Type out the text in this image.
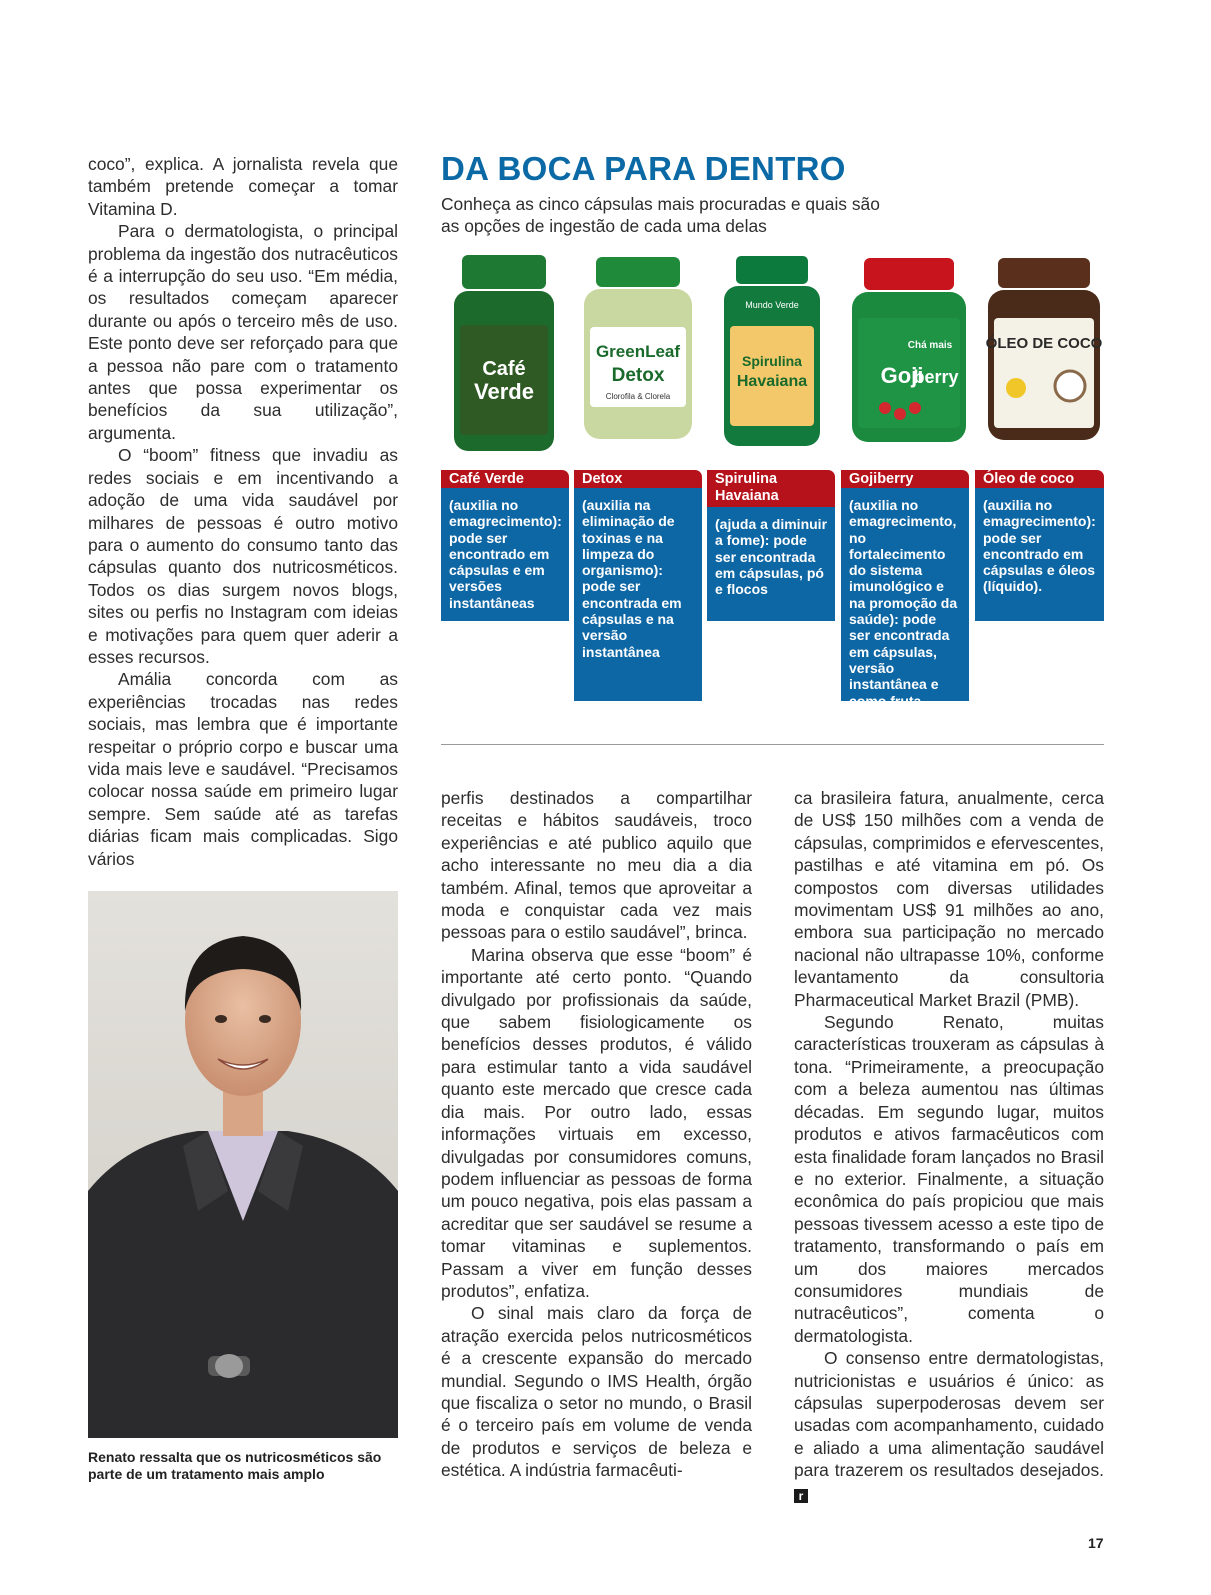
coco”, explica. A jornalista revela que também pretende começar a tomar Vitamina D.

Para o dermatologista, o principal problema da ingestão dos nutracêuticos é a interrupção do seu uso. “Em média, os resultados começam aparecer durante ou após o terceiro mês de uso. Este ponto deve ser reforçado para que a pessoa não pare com o tratamento antes que possa experimentar os benefícios da sua utilização”, argumenta.

O “boom” fitness que invadiu as redes sociais e em incentivando a adoção de uma vida saudável por milhares de pessoas é outro motivo para o aumento do consumo tanto das cápsulas quanto dos nutricosméticos. Todos os dias surgem novos blogs, sites ou perfis no Instagram com ideias e motivações para quem quer aderir a esses recursos.

Amália concorda com as experiências trocadas nas redes sociais, mas lembra que é importante respeitar o próprio corpo e buscar uma vida mais leve e saudável. “Precisamos colocar nossa saúde em primeiro lugar sempre. Sem saúde até as tarefas diárias ficam mais complicadas. Sigo vários

Renato ressalta que os nutricosméticos são parte de um tratamento mais amplo
DA BOCA PARA DENTRO
Conheça as cinco cápsulas mais procuradas e quais são as opções de ingestão de cada uma delas
Café
Verde
GreenLeaf
Detox
Clorofila & Clorela
Mundo Verde
Spirulina
Havaiana
Chá mais
Goji
berry
ÓLEO DE COCO
Café Verde
(auxilia no emagrecimento): pode ser encontrado em cápsulas e em versões instantâneas
Detox
(auxilia na eliminação de toxinas e na limpeza do organismo): pode ser encontrada em cápsulas e na versão instantânea
Spirulina Havaiana
(ajuda a diminuir a fome): pode ser encontrada em cápsulas, pó e flocos
Gojiberry
(auxilia no emagrecimento, no fortalecimento do sistema imunológico e na promoção da saúde): pode ser encontrada em cápsulas, versão instantânea e como fruta desidratada
Óleo de coco
(auxilia no emagrecimento): pode ser encontrado em cápsulas e óleos (líquido).

perfis destinados a compartilhar receitas e hábitos saudáveis, troco experiências e até publico aquilo que acho interessante no meu dia a dia também. Afinal, temos que aproveitar a moda e conquistar cada vez mais pessoas para o estilo saudável”, brinca.

Marina observa que esse “boom” é importante até certo ponto. “Quando divulgado por profissionais da saúde, que sabem fisiologicamente os benefícios desses produtos, é válido para estimular tanto a vida saudável quanto este mercado que cresce cada dia mais. Por outro lado, essas informações virtuais em excesso, divulgadas por consumidores comuns, podem influenciar as pessoas de forma um pouco negativa, pois elas passam a acreditar que ser saudável se resume a tomar vitaminas e suplementos. Passam a viver em função desses produtos”, enfatiza.

O sinal mais claro da força de atração exercida pelos nutricosméticos é a crescente expansão do mercado mundial. Segundo o IMS Health, órgão que fiscaliza o setor no mundo, o Brasil é o terceiro país em volume de venda de produtos e serviços de beleza e estética. A indústria farmacêuti-

ca brasileira fatura, anualmente, cerca de US$ 150 milhões com a venda de cápsulas, comprimidos e efervescentes, pastilhas e até vitamina em pó. Os compostos com diversas utilidades movimentam US$ 91 milhões ao ano, embora sua participação no mercado nacional não ultrapasse 10%, conforme levantamento da consultoria Pharmaceutical Market Brazil (PMB).

Segundo Renato, muitas características trouxeram as cápsulas à tona. “Primeiramente, a preocupação com a beleza aumentou nas últimas décadas. Em segundo lugar, muitos produtos e ativos farmacêuticos com esta finalidade foram lançados no Brasil e no exterior. Finalmente, a situação econômica do país propiciou que mais pessoas tivessem acesso a este tipo de tratamento, transformando o país em um dos maiores mercados consumidores mundiais de nutracêuticos”, comenta o dermatologista.

O consenso entre dermatologistas, nutricionistas e usuários é único: as cápsulas superpoderosas devem ser usadas com acompanhamento, cuidado e aliado a uma alimentação saudável para trazerem os resultados desejados. r

17
